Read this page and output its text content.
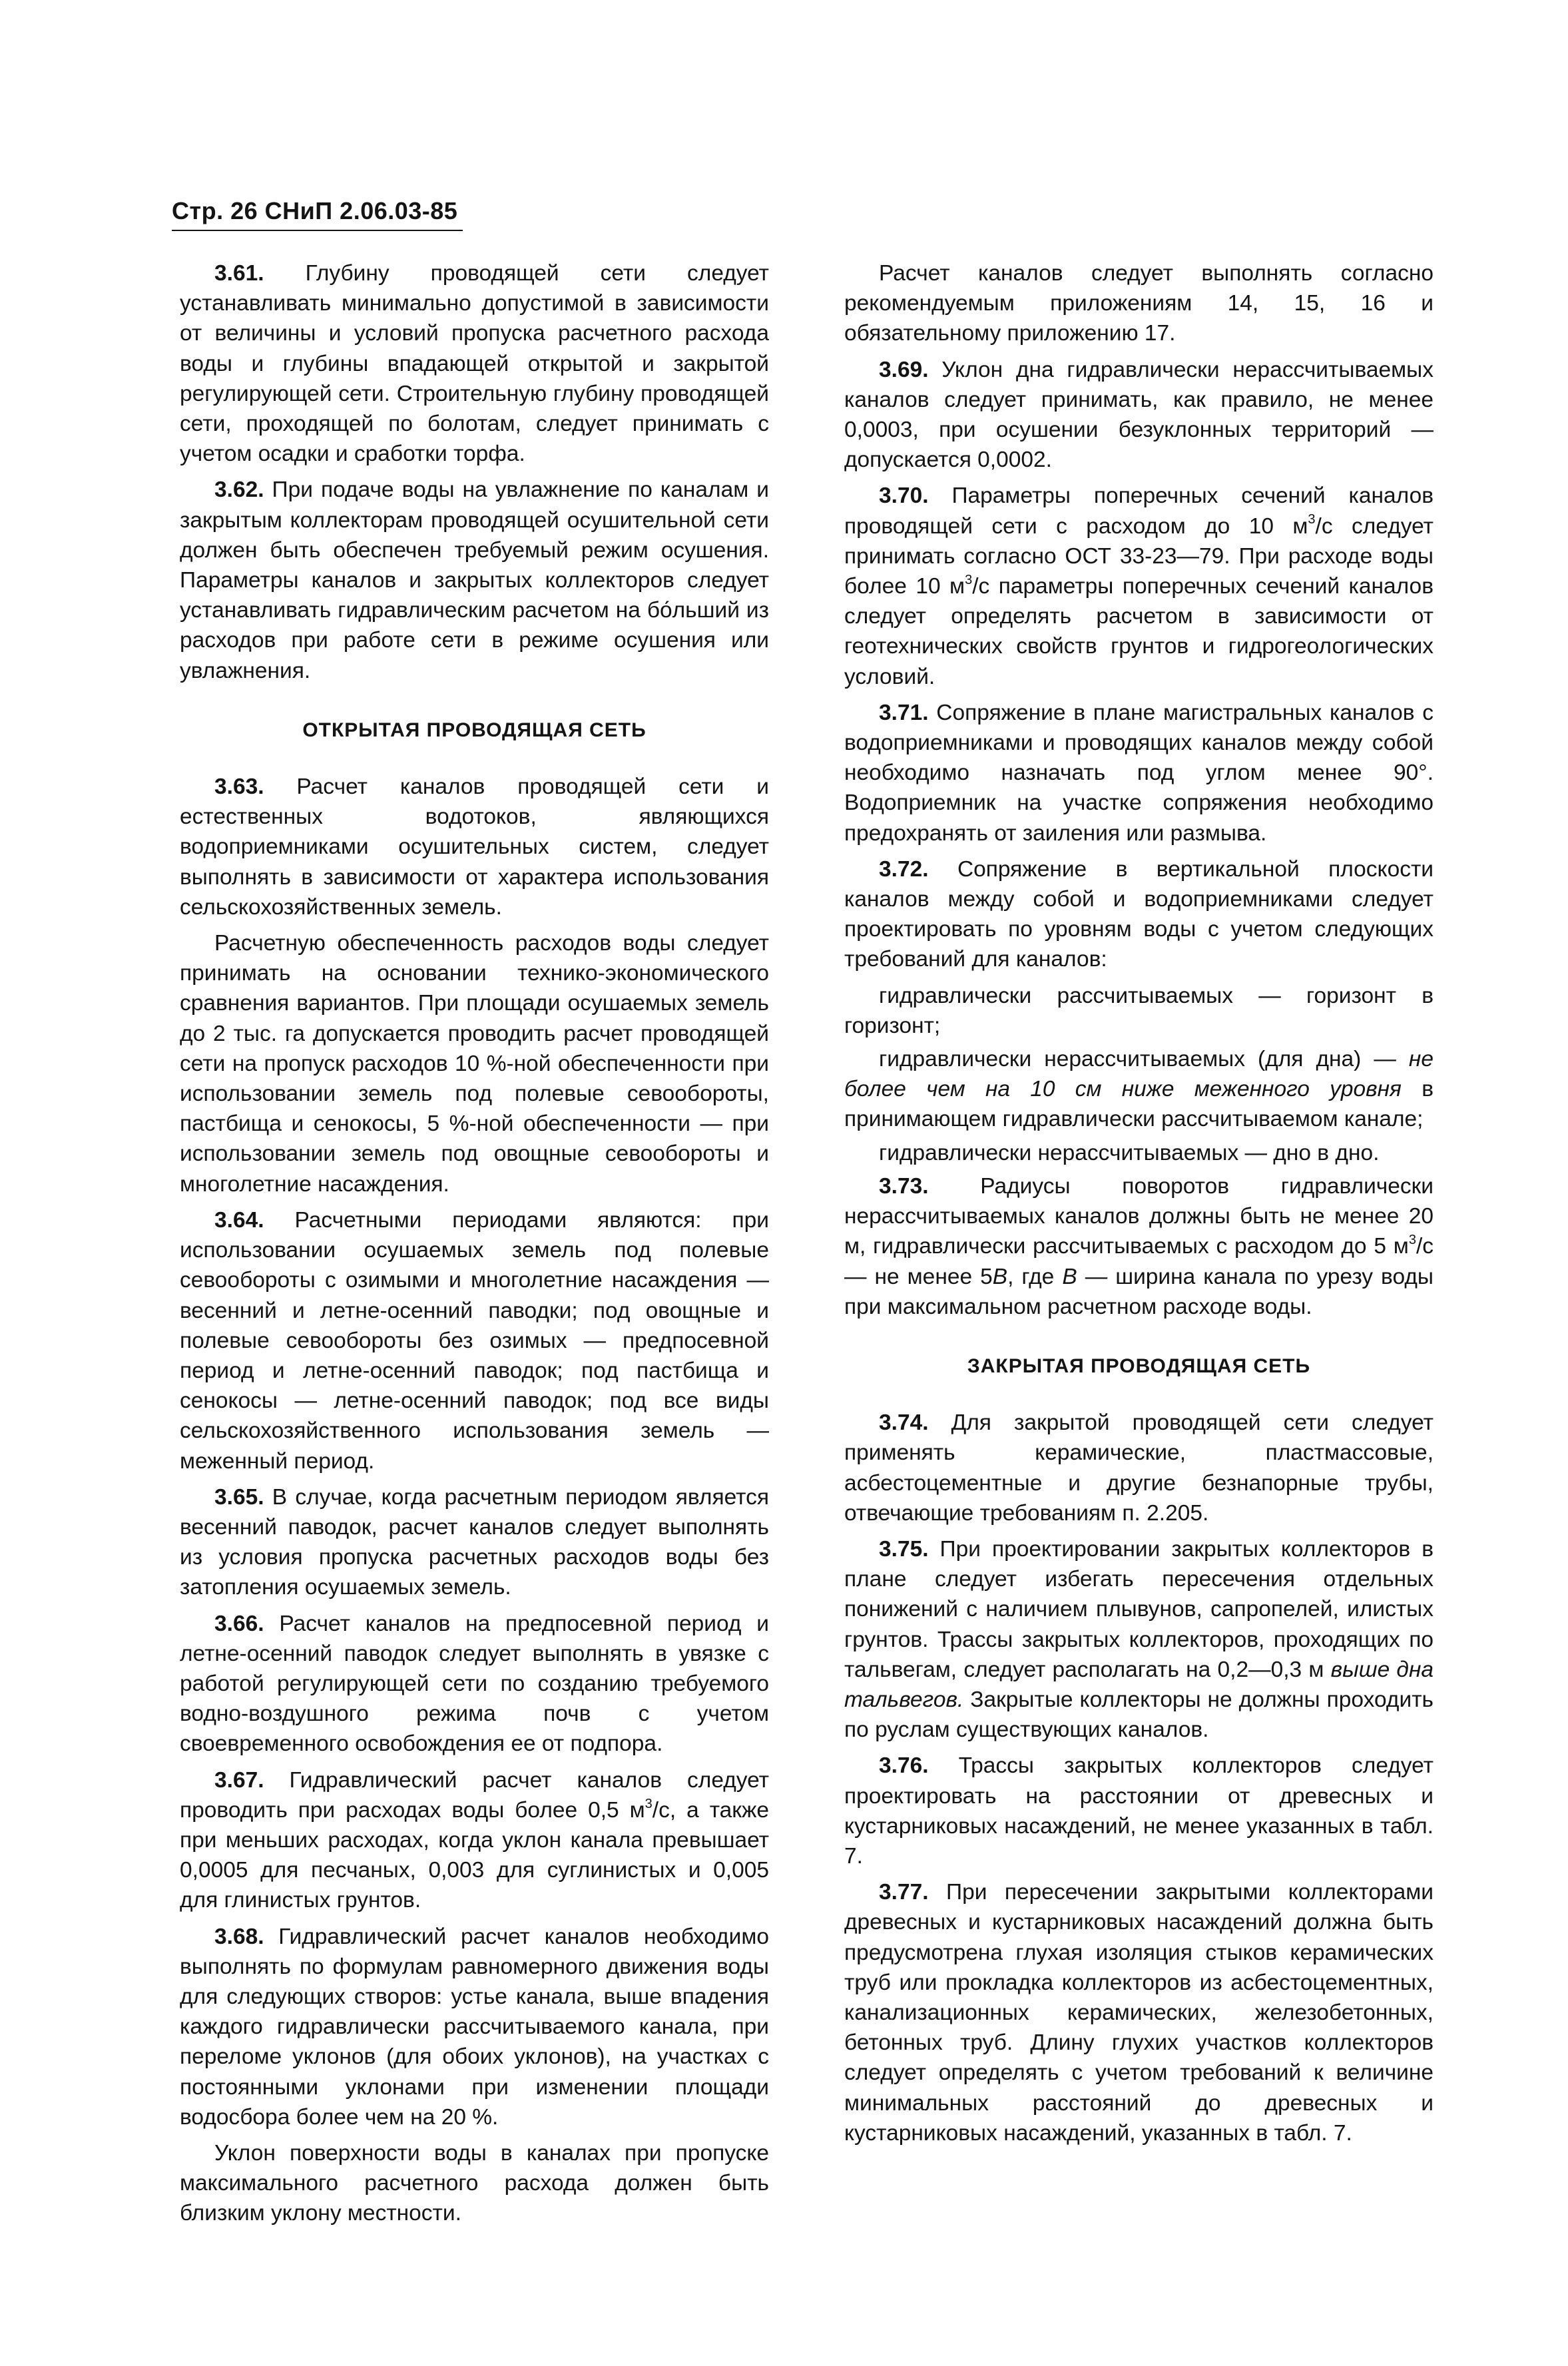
Стр. 26 СНиП 2.06.03-85

3.61. Глубину проводящей сети следует устанавливать минимально допустимой в зависимости от величины и условий пропуска расчетного расхода воды и глубины впадающей открытой и закрытой регулирующей сети. Строительную глубину проводящей сети, проходящей по болотам, следует принимать с учетом осадки и сработки торфа.

3.62. При подаче воды на увлажнение по каналам и закрытым коллекторам проводящей осушительной сети должен быть обеспечен требуемый режим осушения. Параметры каналов и закрытых коллекторов следует устанавливать гидравлическим расчетом на бо́льший из расходов при работе сети в режиме осушения или увлажнения.

ОТКРЫТАЯ ПРОВОДЯЩАЯ СЕТЬ

3.63. Расчет каналов проводящей сети и естественных водотоков, являющихся водоприемниками осушительных систем, следует выполнять в зависимости от характера использования сельскохозяйственных земель.

Расчетную обеспеченность расходов воды следует принимать на основании технико-экономического сравнения вариантов. При площади осушаемых земель до 2 тыс. га допускается проводить расчет проводящей сети на пропуск расходов 10 %-ной обеспеченности при использовании земель под полевые севообороты, пастбища и сенокосы, 5 %-ной обеспеченности — при использовании земель под овощные севообороты и многолетние насаждения.

3.64. Расчетными периодами являются: при использовании осушаемых земель под полевые севообороты с озимыми и многолетние насаждения — весенний и летне-осенний паводки; под овощные и полевые севообороты без озимых — предпосевной период и летне-осенний паводок; под пастбища и сенокосы — летне-осенний паводок; под все виды сельскохозяйственного использования земель — меженный период.

3.65. В случае, когда расчетным периодом является весенний паводок, расчет каналов следует выполнять из условия пропуска расчетных расходов воды без затопления осушаемых земель.

3.66. Расчет каналов на предпосевной период и летне-осенний паводок следует выполнять в увязке с работой регулирующей сети по созданию требуемого водно-воздушного режима почв с учетом своевременного освобождения ее от подпора.

3.67. Гидравлический расчет каналов следует проводить при расходах воды более 0,5 $м^3/с$, а также при меньших расходах, когда уклон канала превышает 0,0005 для песчаных, 0,003 для суглинистых и 0,005 для глинистых грунтов.

3.68. Гидравлический расчет каналов необходимо выполнять по формулам равномерного движения воды для следующих створов: устье канала, выше впадения каждого гидравлически рассчитываемого канала, при переломе уклонов (для обоих уклонов), на участках с постоянными уклонами при изменении площади водосбора более чем на 20 %.

Уклон поверхности воды в каналах при пропуске максимального расчетного расхода должен быть близким уклону местности.

Расчет каналов следует выполнять согласно рекомендуемым приложениям 14, 15, 16 и обязательному приложению 17.

3.69. Уклон дна гидравлически нерассчитываемых каналов следует принимать, как правило, не менее 0,0003, при осушении безуклонных территорий — допускается 0,0002.

3.70. Параметры поперечных сечений каналов проводящей сети с расходом до 10 $м^3/с$ следует принимать согласно ОСТ 33-23—79. При расходе воды более 10 $м^3/с$ параметры поперечных сечений каналов следует определять расчетом в зависимости от геотехнических свойств грунтов и гидрогеологических условий.

3.71. Сопряжение в плане магистральных каналов с водоприемниками и проводящих каналов между собой необходимо назначать под углом менее 90°. Водоприемник на участке сопряжения необходимо предохранять от заиления или размыва.

3.72. Сопряжение в вертикальной плоскости каналов между собой и водоприемниками следует проектировать по уровням воды с учетом следующих требований для каналов:

гидравлически рассчитываемых — горизонт в горизонт;

гидравлически нерассчитываемых (для дна) — не более чем на 10 см ниже меженного уровня в принимающем гидравлически рассчитываемом канале;

гидравлически нерассчитываемых — дно в дно.

3.73. Радиусы поворотов гидравлически нерассчитываемых каналов должны быть не менее 20 м, гидравлически рассчитываемых с расходом до 5 $м^3/с$ — не менее 5B, где B — ширина канала по урезу воды при максимальном расчетном расходе воды.

ЗАКРЫТАЯ ПРОВОДЯЩАЯ СЕТЬ

3.74. Для закрытой проводящей сети следует применять керамические, пластмассовые, асбестоцементные и другие безнапорные трубы, отвечающие требованиям п. 2.205.

3.75. При проектировании закрытых коллекторов в плане следует избегать пересечения отдельных понижений с наличием плывунов, сапропелей, илистых грунтов. Трассы закрытых коллекторов, проходящих по тальвегам, следует располагать на 0,2—0,3 м выше дна тальвегов. Закрытые коллекторы не должны проходить по руслам существующих каналов.

3.76. Трассы закрытых коллекторов следует проектировать на расстоянии от древесных и кустарниковых насаждений, не менее указанных в табл. 7.

3.77. При пересечении закрытыми коллекторами древесных и кустарниковых насаждений должна быть предусмотрена глухая изоляция стыков керамических труб или прокладка коллекторов из асбестоцементных, канализационных керамических, железобетонных, бетонных труб. Длину глухих участков коллекторов следует определять с учетом требований к величине минимальных расстояний до древесных и кустарниковых насаждений, указанных в табл. 7.
